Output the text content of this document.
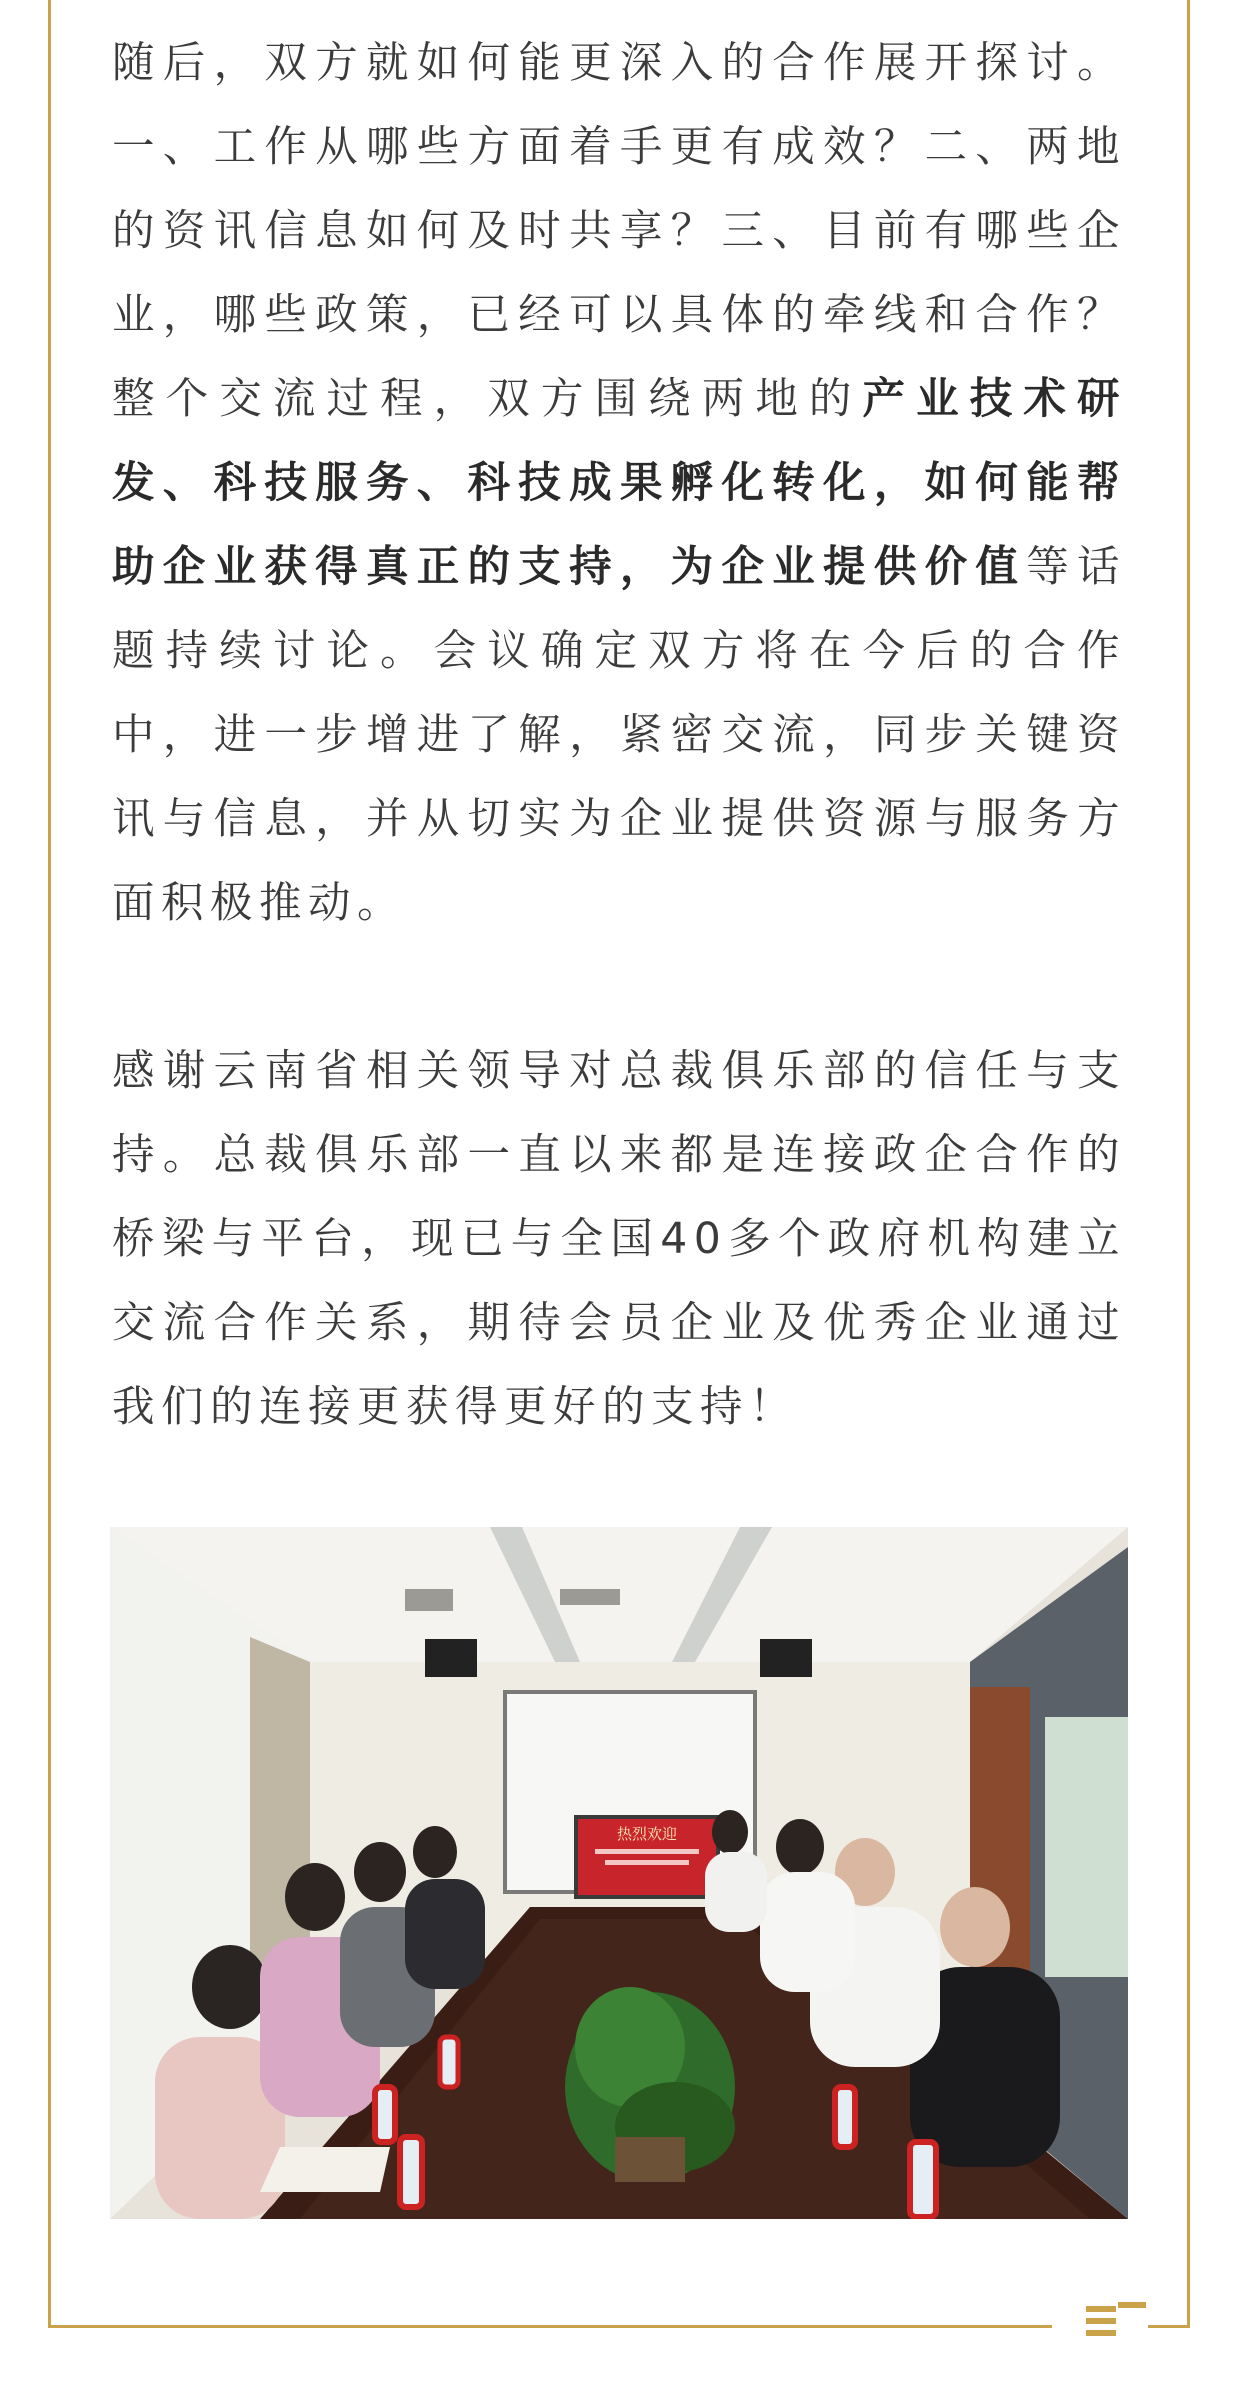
随后，双方就如何能更深入的合作展开探讨。一、工作从哪些方面着手更有成效？二、两地的资讯信息如何及时共享？三、目前有哪些企业，哪些政策，已经可以具体的牵线和合作？整个交流过程，双方围绕两地的产业技术研发、科技服务、科技成果孵化转化，如何能帮助企业获得真正的支持，为企业提供价值等话题持续讨论。会议确定双方将在今后的合作中，进一步增进了解，紧密交流，同步关键资讯与信息，并从切实为企业提供资源与服务方面积极推动。

感谢云南省相关领导对总裁俱乐部的信任与支持。总裁俱乐部一直以来都是连接政企合作的桥梁与平台，现已与全国40多个政府机构建立交流合作关系，期待会员企业及优秀企业通过我们的连接更获得更好的支持！

热烈欢迎
